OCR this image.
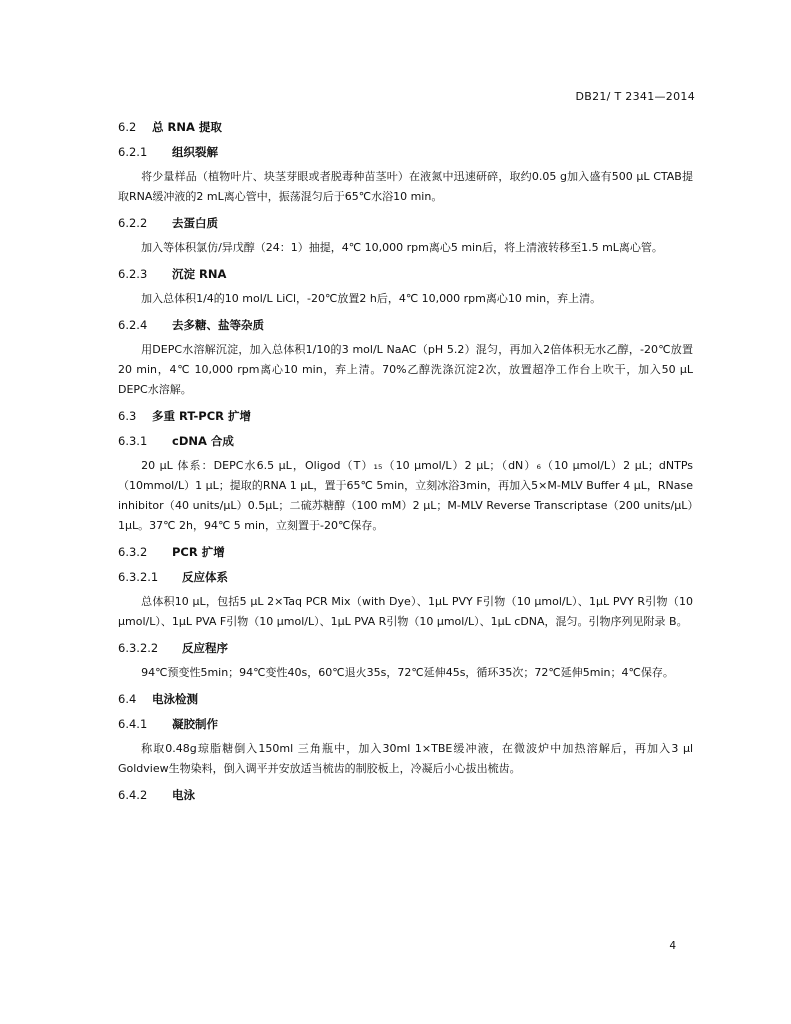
DB21/ T 2341—2014
6.2 总 RNA 提取
6.2.1 组织裂解

将少量样品（植物叶片、块茎芽眼或者脱毒种苗茎叶）在液氮中迅速研碎，取约0.05 g加入盛有500 μL CTAB提取RNA缓冲液的2 mL离心管中，振荡混匀后于65℃水浴10 min。

6.2.2 去蛋白质

加入等体积氯仿/异戊醇（24：1）抽提，4℃ 10,000 rpm离心5 min后，将上清液转移至1.5 mL离心管。

6.2.3 沉淀 RNA

加入总体积1/4的10 mol/L LiCl，-20℃放置2 h后，4℃ 10,000 rpm离心10 min，弃上清。

6.2.4 去多糖、盐等杂质

用DEPC水溶解沉淀，加入总体积1/10的3 mol/L NaAC（pH 5.2）混匀，再加入2倍体积无水乙醇，-20℃放置20 min，4℃ 10,000 rpm离心10 min，弃上清。70%乙醇洗涤沉淀2次，放置超净工作台上吹干，加入50 μL DEPC水溶解。

6.3 多重 RT-PCR 扩增
6.3.1 cDNA 合成

20 μL 体系：DEPC水6.5 μL，Oligod（T）₁₅（10 μmol/L）2 μL；（dN）₆（10 μmol/L）2 μL；dNTPs（10mmol/L）1 μL；提取的RNA 1 μL，置于65℃ 5min，立刻冰浴3min，再加入5×M-MLV Buffer 4 μL，RNase inhibitor（40 units/μL）0.5μL；二硫苏糖醇（100 mM）2 μL；M-MLV Reverse Transcriptase（200 units/μL）1μL。37℃ 2h，94℃ 5 min，立刻置于-20℃保存。

6.3.2 PCR 扩增
6.3.2.1 反应体系

总体积10 μL，包括5 μL 2×Taq PCR Mix（with Dye）、1μL PVY F引物（10 μmol/L）、1μL PVY R引物（10 μmol/L）、1μL PVA F引物（10 μmol/L）、1μL PVA R引物（10 μmol/L）、1μL cDNA，混匀。引物序列见附录 B。

6.3.2.2 反应程序

94℃预变性5min；94℃变性40s，60℃退火35s，72℃延伸45s，循环35次；72℃延伸5min；4℃保存。

6.4 电泳检测
6.4.1 凝胶制作

称取0.48g琼脂糖倒入150ml 三角瓶中，加入30ml 1×TBE缓冲液，在微波炉中加热溶解后，再加入3 μl Goldview生物染料，倒入调平并安放适当梳齿的制胶板上，冷凝后小心拔出梳齿。

6.4.2 电泳
4
